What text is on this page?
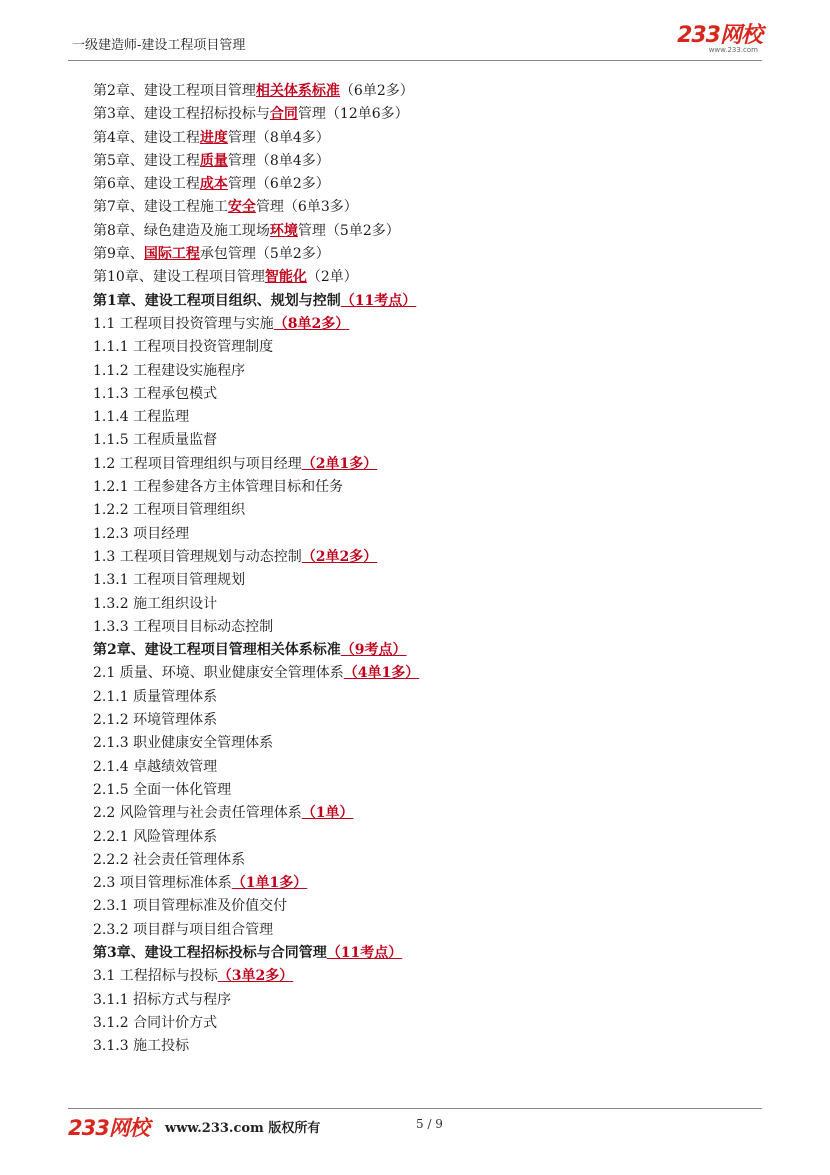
一级建造师-建设工程项目管理	233网校
www.233.com
第2章、建设工程项目管理相关体系标准（6单2多）
第3章、建设工程招标投标与合同管理（12单6多）
第4章、建设工程进度管理（8单4多）
第5章、建设工程质量管理（8单4多）
第6章、建设工程成本管理（6单2多）
第7章、建设工程施工安全管理（6单3多）
第8章、绿色建造及施工现场环境管理（5单2多）
第9章、国际工程承包管理（5单2多）
第10章、建设工程项目管理智能化（2单）
第1章、建设工程项目组织、规划与控制（11考点）
1.1 工程项目投资管理与实施（8单2多）
1.1.1 工程项目投资管理制度
1.1.2 工程建设实施程序
1.1.3 工程承包模式
1.1.4 工程监理
1.1.5 工程质量监督
1.2 工程项目管理组织与项目经理（2单1多）
1.2.1 工程参建各方主体管理目标和任务
1.2.2 工程项目管理组织
1.2.3 项目经理
1.3 工程项目管理规划与动态控制（2单2多）
1.3.1 工程项目管理规划
1.3.2 施工组织设计
1.3.3 工程项目目标动态控制
第2章、建设工程项目管理相关体系标准（9考点）
2.1 质量、环境、职业健康安全管理体系（4单1多）
2.1.1 质量管理体系
2.1.2 环境管理体系
2.1.3 职业健康安全管理体系
2.1.4 卓越绩效管理
2.1.5 全面一体化管理
2.2 风险管理与社会责任管理体系（1单）
2.2.1 风险管理体系
2.2.2 社会责任管理体系
2.3 项目管理标准体系（1单1多）
2.3.1 项目管理标准及价值交付
2.3.2 项目群与项目组合管理
第3章、建设工程招标投标与合同管理（11考点）
3.1 工程招标与投标（3单2多）
3.1.1 招标方式与程序
3.1.2 合同计价方式
3.1.3 施工投标
233网校 www.233.com 版权所有	5 / 9
